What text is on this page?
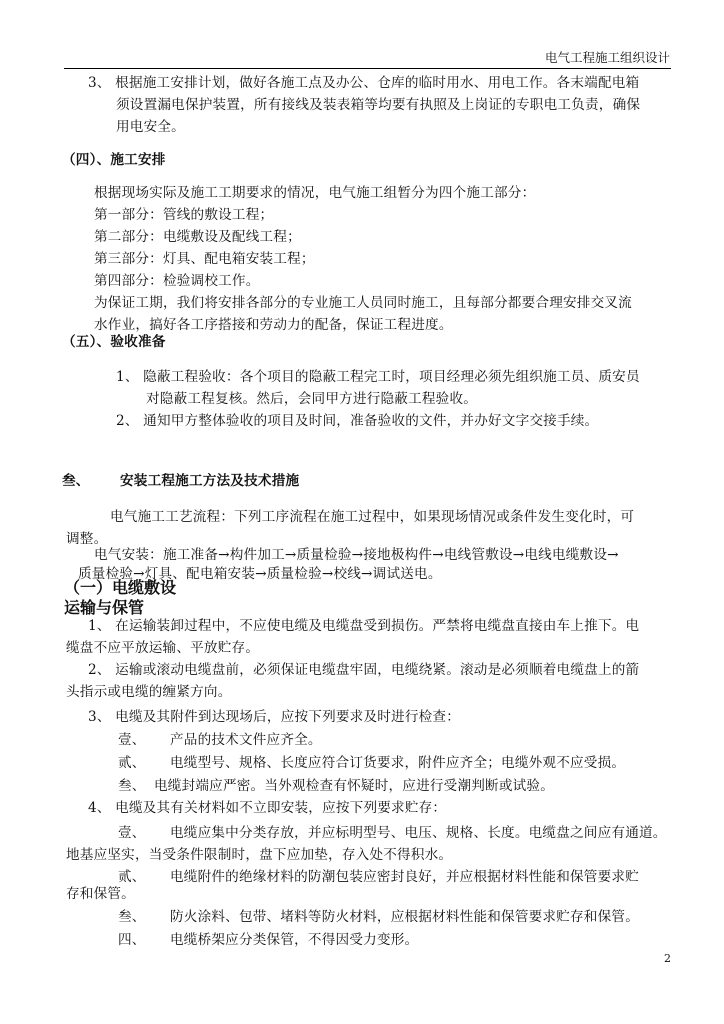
电气工程施工组织设计
3、 根据施工安排计划，做好各施工点及办公、仓库的临时用水、用电工作。各末端配电箱
须设置漏电保护装置，所有接线及装表箱等均要有执照及上岗证的专职电工负责，确保
用电安全。
（四）、施工安排
根据现场实际及施工工期要求的情况，电气施工组暂分为四个施工部分：
第一部分：管线的敷设工程；
第二部分：电缆敷设及配线工程；
第三部分：灯具、配电箱安装工程；
第四部分：检验调校工作。
为保证工期，我们将安排各部分的专业施工人员同时施工，且每部分都要合理安排交叉流
水作业，搞好各工序搭接和劳动力的配备，保证工程进度。
（五）、验收准备
1、 隐蔽工程验收：各个项目的隐蔽工程完工时，项目经理必须先组织施工员、质安员
对隐蔽工程复核。然后，会同甲方进行隐蔽工程验收。
2、 通知甲方整体验收的项目及时间，准备验收的文件，并办好文字交接手续。
叁、 安装工程施工方法及技术措施
电气施工工艺流程：下列工序流程在施工过程中，如果现场情况或条件发生变化时，可
调整。
电气安装：施工准备→构件加工→质量检验→接地极构件→电线管敷设→电线电缆敷设→
质量检验→灯具、配电箱安装→质量检验→校线→调试送电。
（一）电缆敷设
运输与保管
1、 在运输装卸过程中，不应使电缆及电缆盘受到损伤。严禁将电缆盘直接由车上推下。电
缆盘不应平放运输、平放贮存。
2、 运输或滚动电缆盘前，必须保证电缆盘牢固，电缆绕紧。滚动是必须顺着电缆盘上的箭
头指示或电缆的缠紧方向。
3、 电缆及其附件到达现场后，应按下列要求及时进行检查：
壹、 产品的技术文件应齐全。
贰、 电缆型号、规格、长度应符合订货要求，附件应齐全；电缆外观不应受损。
叁、 电缆封端应严密。当外观检查有怀疑时，应进行受潮判断或试验。
4、 电缆及其有关材料如不立即安装，应按下列要求贮存：
壹、 电缆应集中分类存放，并应标明型号、电压、规格、长度。电缆盘之间应有通道。
地基应坚实，当受条件限制时，盘下应加垫，存入处不得积水。
贰、 电缆附件的绝缘材料的防潮包装应密封良好，并应根据材料性能和保管要求贮
存和保管。
叁、 防火涂料、包带、堵料等防火材料，应根据材料性能和保管要求贮存和保管。
四、 电缆桥架应分类保管，不得因受力变形。
2
